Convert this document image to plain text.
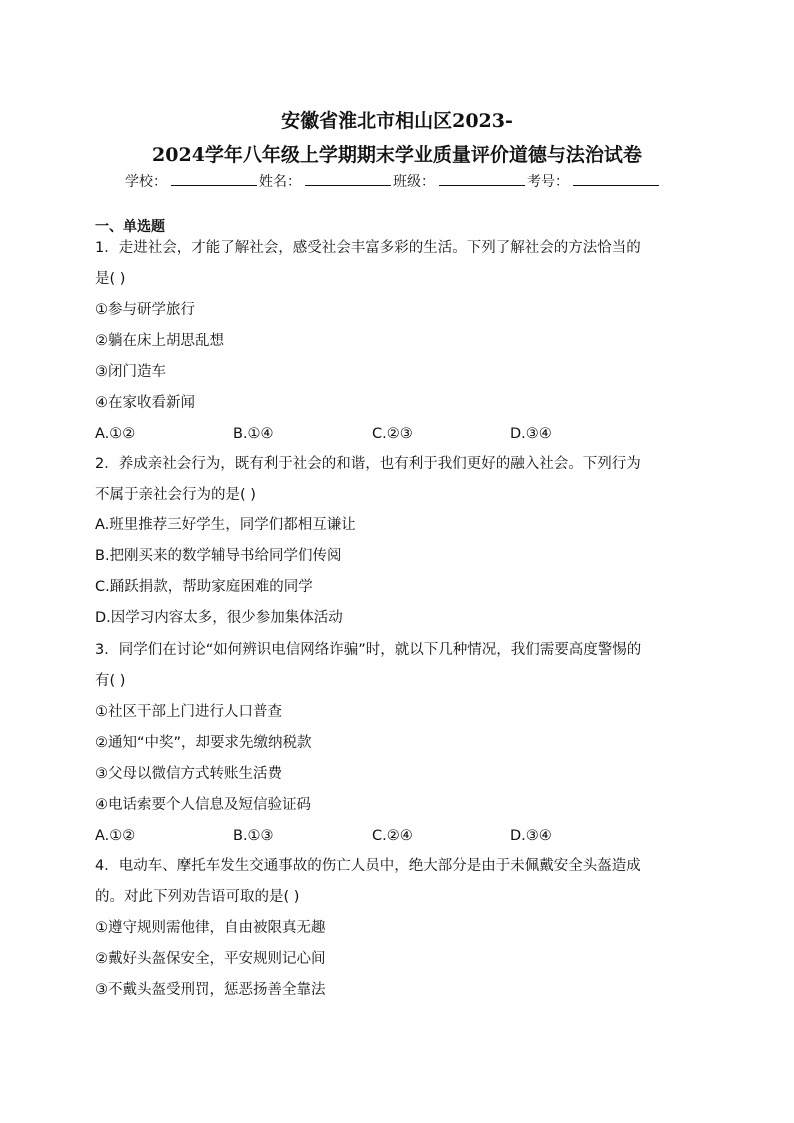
安徽省淮北市相山区2023-
2024学年八年级上学期期末学业质量评价道德与法治试卷
学校：	姓名：	班级：	考号：
一、单选题
1．走进社会，才能了解社会，感受社会丰富多彩的生活。下列了解社会的方法恰当的
是( )
①参与研学旅行
②躺在床上胡思乱想
③闭门造车
④在家收看新闻
A.①②	B.①④	C.②③	D.③④
2．养成亲社会行为，既有利于社会的和谐，也有利于我们更好的融入社会。下列行为
不属于亲社会行为的是( )
A.班里推荐三好学生，同学们都相互谦让
B.把刚买来的数学辅导书给同学们传阅
C.踊跃捐款，帮助家庭困难的同学
D.因学习内容太多，很少参加集体活动
3．同学们在讨论“如何辨识电信网络诈骗”时，就以下几种情况，我们需要高度警惕的
有( )
①社区干部上门进行人口普查
②通知“中奖”，却要求先缴纳税款
③父母以微信方式转账生活费
④电话索要个人信息及短信验证码
A.①②	B.①③	C.②④	D.③④
4．电动车、摩托车发生交通事故的伤亡人员中，绝大部分是由于未佩戴安全头盔造成
的。对此下列劝告语可取的是( )
①遵守规则需他律，自由被限真无趣
②戴好头盔保安全，平安规则记心间
③不戴头盔受刑罚，惩恶扬善全靠法
